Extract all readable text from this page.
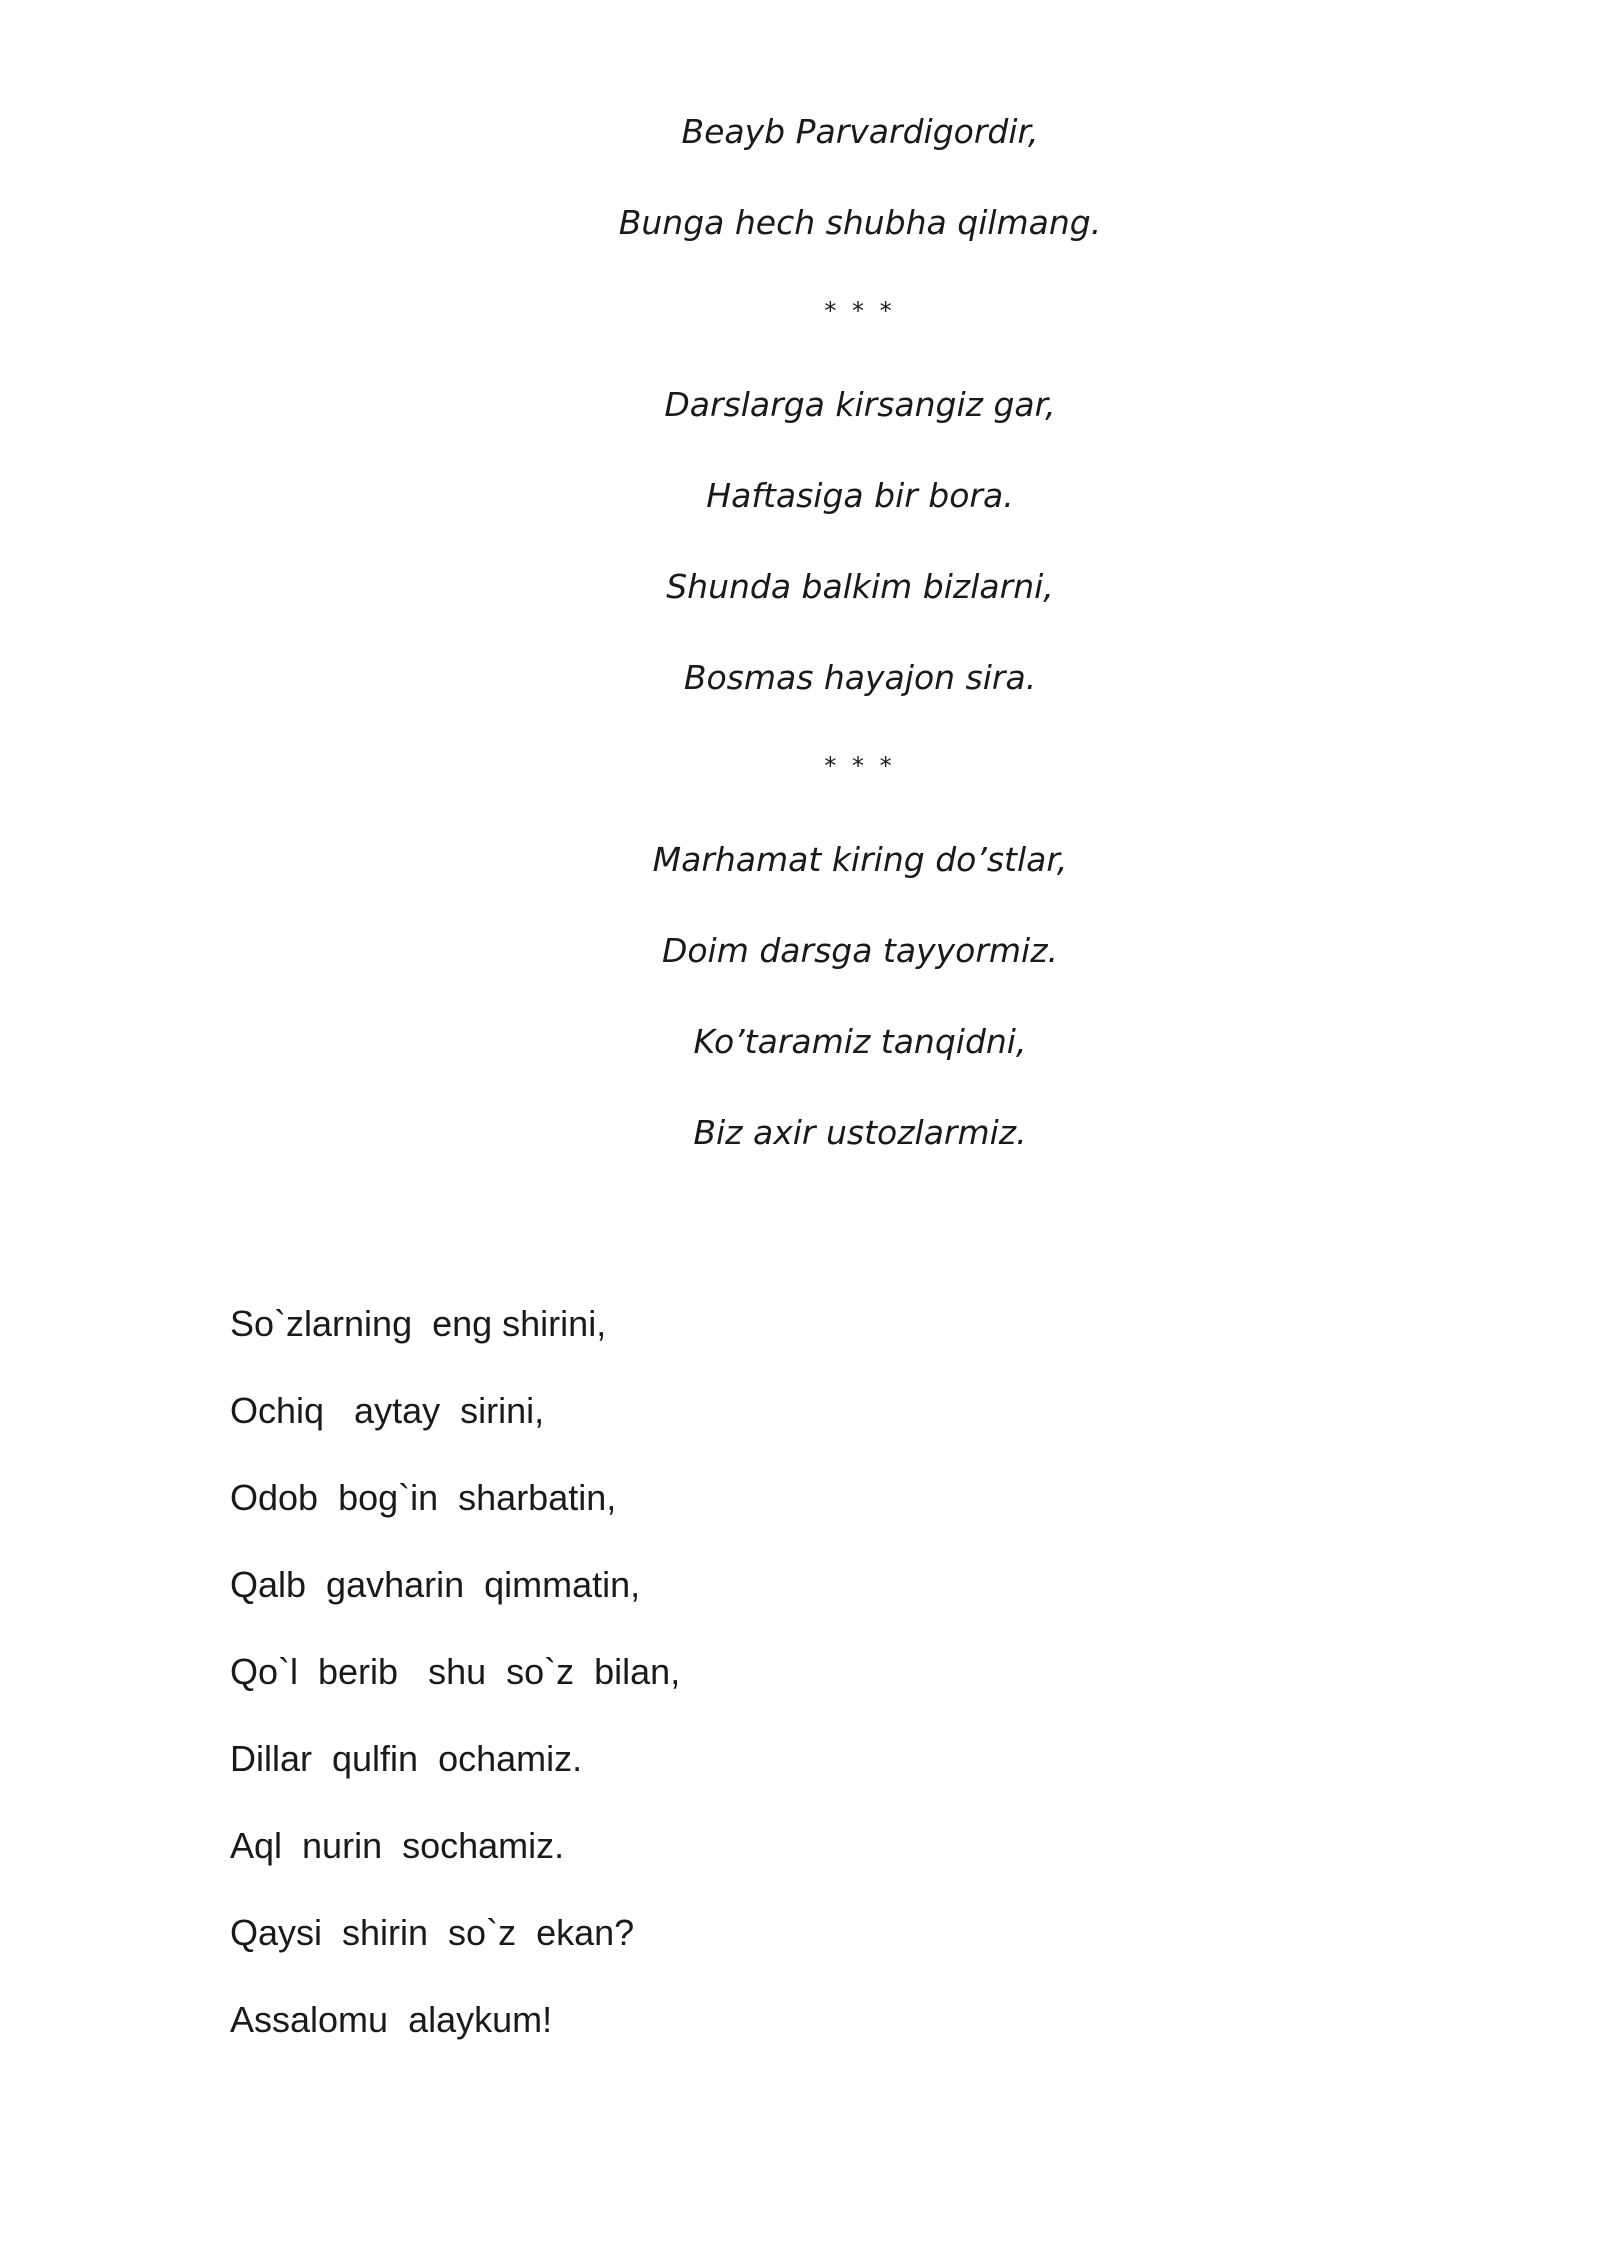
Beayb Parvardigordir,
Bunga hech shubha qilmang.
* * *
Darslarga kirsangiz gar,
Haftasiga bir bora.
Shunda balkim bizlarni,
Bosmas hayajon sira.
* * *
Marhamat kiring do’stlar,
Doim darsga tayyormiz.
Ko’taramiz tanqidni,
Biz axir ustozlarmiz.
So`zlarning  eng shirini,
Ochiq   aytay  sirini,
Odob  bog`in  sharbatin,
Qalb  gavharin  qimmatin,
Qo`l  berib   shu  so`z  bilan,
Dillar  qulfin  ochamiz.
Aql  nurin  sochamiz.
Qaysi  shirin  so`z  ekan?
Assalomu  alaykum!
